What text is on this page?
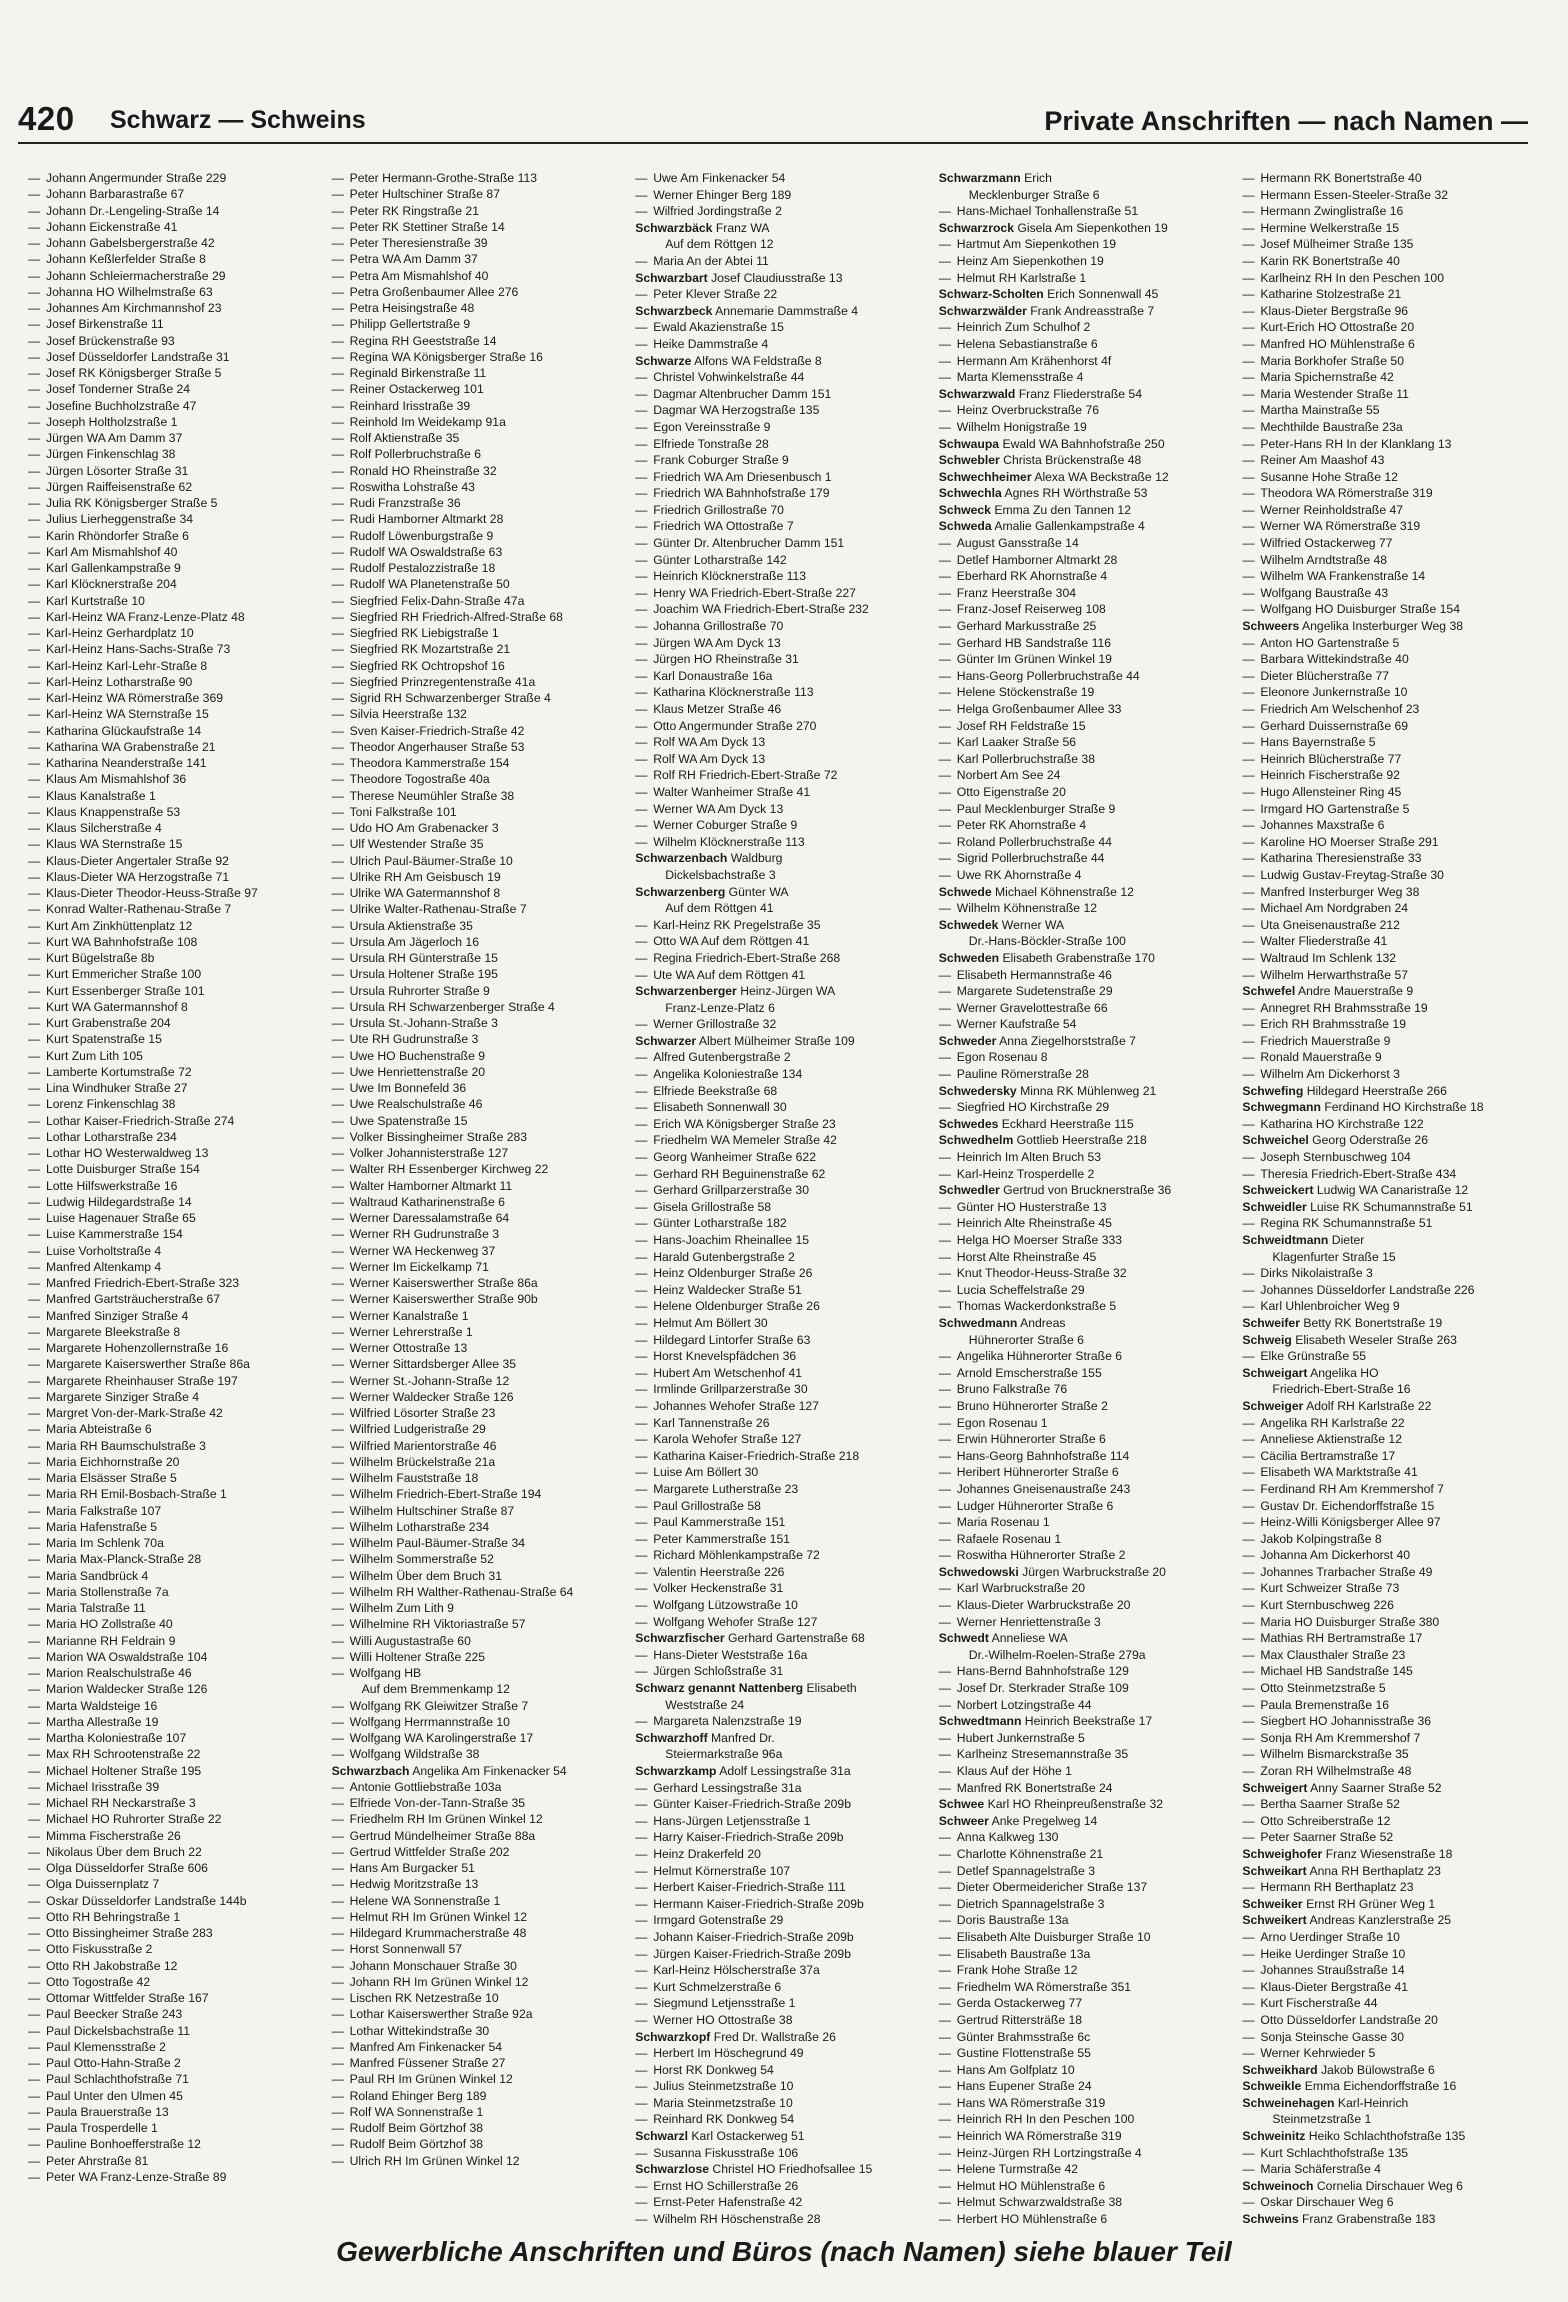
420 Schwarz — Schweins	Private Anschriften — nach Namen —
— Johann Angermunder Straße 229
— Johann Barbarastraße 67
— Johann Dr.-Lengeling-Straße 14
— Johann Eickenstraße 41
— Johann Gabelsbergerstraße 42
— Johann Keßlerfelder Straße 8
— Johann Schleiermacherstraße 29
— Johanna HO Wilhelmstraße 63
— Johannes Am Kirchmannshof 23
— Josef Birkenstraße 11
— Josef Brückenstraße 93
— Josef Düsseldorfer Landstraße 31
— Josef RK Königsberger Straße 5
— Josef Tonderner Straße 24
— Josefine Buchholzstraße 47
— Joseph Holtholzstraße 1
— Jürgen WA Am Damm 37
— Jürgen Finkenschlag 38
— Jürgen Lösorter Straße 31
— Jürgen Raiffeisenstraße 62
— Julia RK Königsberger Straße 5
— Julius Lierheggenstraße 34
— Karin Rhöndorfer Straße 6
— Karl Am Mismahlshof 40
— Karl Gallenkampstraße 9
— Karl Klöcknerstraße 204
— Karl Kurtstraße 10
— Karl-Heinz WA Franz-Lenze-Platz 48
— Karl-Heinz Gerhardplatz 10
— Karl-Heinz Hans-Sachs-Straße 73
— Karl-Heinz Karl-Lehr-Straße 8
— Karl-Heinz Lotharstraße 90
— Karl-Heinz WA Römerstraße 369
— Karl-Heinz WA Sternstraße 15
— Katharina Glückaufstraße 14
— Katharina WA Grabenstraße 21
— Katharina Neanderstraße 141
— Klaus Am Mismahlshof 36
— Klaus Kanalstraße 1
— Klaus Knappenstraße 53
— Klaus Silcherstraße 4
— Klaus WA Sternstraße 15
— Klaus-Dieter Angertaler Straße 92
— Klaus-Dieter WA Herzogstraße 71
— Klaus-Dieter Theodor-Heuss-Straße 97
— Konrad Walter-Rathenau-Straße 7
— Kurt Am Zinkhüttenplatz 12
— Kurt WA Bahnhofstraße 108
— Kurt Bügelstraße 8b
— Kurt Emmericher Straße 100
— Kurt Essenberger Straße 101
— Kurt WA Gatermannshof 8
— Kurt Grabenstraße 204
— Kurt Spatenstraße 15
— Kurt Zum Lith 105
— Lamberte Kortumstraße 72
— Lina Windhuker Straße 27
— Lorenz Finkenschlag 38
— Lothar Kaiser-Friedrich-Straße 274
— Lothar Lotharstraße 234
— Lothar HO Westerwaldweg 13
— Lotte Duisburger Straße 154
— Lotte Hilfswerkstraße 16
— Ludwig Hildegardstraße 14
— Luise Hagenauer Straße 65
— Luise Kammerstraße 154
— Luise Vorholtstraße 4
— Manfred Altenkamp 4
— Manfred Friedrich-Ebert-Straße 323
— Manfred Gartsträucherstraße 67
— Manfred Sinziger Straße 4
— Margarete Bleekstraße 8
— Margarete Hohenzollernstraße 16
— Margarete Kaiserswerther Straße 86a
— Margarete Rheinhauser Straße 197
— Margarete Sinziger Straße 4
— Margret Von-der-Mark-Straße 42
— Maria Abteistraße 6
— Maria RH Baumschulstraße 3
— Maria Eichhornstraße 20
— Maria Elsässer Straße 5
— Maria RH Emil-Bosbach-Straße 1
— Maria Falkstraße 107
— Maria Hafenstraße 5
— Maria Im Schlenk 70a
— Maria Max-Planck-Straße 28
— Maria Sandbrück 4
— Maria Stollenstraße 7a
— Maria Talstraße 11
— Maria HO Zollstraße 40
— Marianne RH Feldrain 9
— Marion WA Oswaldstraße 104
— Marion Realschulstraße 46
— Marion Waldecker Straße 126
— Marta Waldsteige 16
— Martha Allestraße 19
— Martha Koloniestraße 107
— Max RH Schrootenstraße 22
— Michael Holtener Straße 195
— Michael Irisstraße 39
— Michael RH Neckarstraße 3
— Michael HO Ruhrorter Straße 22
— Mimma Fischerstraße 26
— Nikolaus Über dem Bruch 22
— Olga Düsseldorfer Straße 606
— Olga Duissernplatz 7
— Oskar Düsseldorfer Landstraße 144b
— Otto RH Behringstraße 1
— Otto Bissingheimer Straße 283
— Otto Fiskusstraße 2
— Otto RH Jakobstraße 12
— Otto Togostraße 42
— Ottomar Wittfelder Straße 167
— Paul Beecker Straße 243
— Paul Dickelsbachstraße 11
— Paul Klemensstraße 2
— Paul Otto-Hahn-Straße 2
— Paul Schlachthofstraße 71
— Paul Unter den Ulmen 45
— Paula Brauerstraße 13
— Paula Trosperdelle 1
— Pauline Bonhoefferstraße 12
— Peter Ahrstraße 81
— Peter WA Franz-Lenze-Straße 89
— Peter Hermann-Grothe-Straße 113
— Peter Hultschiner Straße 87
— Peter RK Ringstraße 21
— Peter RK Stettiner Straße 14
— Peter Theresienstraße 39
— Petra WA Am Damm 37
— Petra Am Mismahlshof 40
— Petra Großenbaumer Allee 276
— Petra Heisingstraße 48
— Philipp Gellertstraße 9
— Regina RH Geeststraße 14
— Regina WA Königsberger Straße 16
— Reginald Birkenstraße 11
— Reiner Ostackerweg 101
— Reinhard Irisstraße 39
— Reinhold Im Weidekamp 91a
— Rolf Aktienstraße 35
— Rolf Pollerbruchstraße 6
— Ronald HO Rheinstraße 32
— Roswitha Lohstraße 43
— Rudi Franzstraße 36
— Rudi Hamborner Altmarkt 28
— Rudolf Löwenburgstraße 9
— Rudolf WA Oswaldstraße 63
— Rudolf Pestalozzistraße 18
— Rudolf WA Planetenstraße 50
— Siegfried Felix-Dahn-Straße 47a
— Siegfried RH Friedrich-Alfred-Straße 68
— Siegfried RK Liebigstraße 1
— Siegfried RK Mozartstraße 21
— Siegfried RK Ochtropshof 16
— Siegfried Prinzregentenstraße 41a
— Sigrid RH Schwarzenberger Straße 4
— Silvia Heerstraße 132
— Sven Kaiser-Friedrich-Straße 42
— Theodor Angerhauser Straße 53
— Theodora Kammerstraße 154
— Theodore Togostraße 40a
— Therese Neumühler Straße 38
— Toni Falkstraße 101
— Udo HO Am Grabenacker 3
— Ulf Westender Straße 35
— Ulrich Paul-Bäumer-Straße 10
— Ulrike RH Am Geisbusch 19
— Ulrike WA Gatermannshof 8
— Ulrike Walter-Rathenau-Straße 7
— Ursula Aktienstraße 35
— Ursula Am Jägerloch 16
— Ursula RH Günterstraße 15
— Ursula Holtener Straße 195
— Ursula Ruhrorter Straße 9
— Ursula RH Schwarzenberger Straße 4
— Ursula St.-Johann-Straße 3
— Ute RH Gudrunstraße 3
— Uwe HO Buchenstraße 9
— Uwe Henriettenstraße 20
— Uwe Im Bonnefeld 36
— Uwe Realschulstraße 46
— Uwe Spatenstraße 15
— Volker Bissingheimer Straße 283
— Volker Johannisterstraße 127
— Walter RH Essenberger Kirchweg 22
— Walter Hamborner Altmarkt 11
— Waltraud Katharinenstraße 6
— Werner Daressalamstraße 64
— Werner RH Gudrunstraße 3
— Werner WA Heckenweg 37
— Werner Im Eickelkamp 71
— Werner Kaiserswerther Straße 86a
— Werner Kaiserswerther Straße 90b
— Werner Kanalstraße 1
— Werner Lehrerstraße 1
— Werner Ottostraße 13
— Werner Sittardsberger Allee 35
— Werner St.-Johann-Straße 12
— Werner Waldecker Straße 126
— Wilfried Lösorter Straße 23
— Wilfried Ludgeristraße 29
— Wilfried Marientorstraße 46
— Wilhelm Brückelstraße 21a
— Wilhelm Fauststraße 18
— Wilhelm Friedrich-Ebert-Straße 194
— Wilhelm Hultschiner Straße 87
— Wilhelm Lotharstraße 234
— Wilhelm Paul-Bäumer-Straße 34
— Wilhelm Sommerstraße 52
— Wilhelm Über dem Bruch 31
— Wilhelm RH Walther-Rathenau-Straße 64
— Wilhelm Zum Lith 9
— Wilhelmine RH Viktoriastraße 57
— Willi Augustastraße 60
— Willi Holtener Straße 225
— Wolfgang HB
Auf dem Bremmenkamp 12
— Wolfgang RK Gleiwitzer Straße 7
— Wolfgang Herrmannstraße 10
— Wolfgang WA Karolingerstraße 17
— Wolfgang Wildstraße 38
Schwarzbach Angelika Am Finkenacker 54
— Antonie Gottliebstraße 103a
— Elfriede Von-der-Tann-Straße 35
— Friedhelm RH Im Grünen Winkel 12
— Gertrud Mündelheimer Straße 88a
— Gertrud Wittfelder Straße 202
— Hans Am Burgacker 51
— Hedwig Moritzstraße 13
— Helene WA Sonnenstraße 1
— Helmut RH Im Grünen Winkel 12
— Hildegard Krummacherstraße 48
— Horst Sonnenwall 57
— Johann Monschauer Straße 30
— Johann RH Im Grünen Winkel 12
— Lischen RK Netzestraße 10
— Lothar Kaiserswerther Straße 92a
— Lothar Wittekindstraße 30
— Manfred Am Finkenacker 54
— Manfred Füssener Straße 27
— Paul RH Im Grünen Winkel 12
— Roland Ehinger Berg 189
— Rolf WA Sonnenstraße 1
— Rudolf Beim Görtzhof 38
— Rudolf Beim Görtzhof 38
— Ulrich RH Im Grünen Winkel 12
— Uwe Am Finkenacker 54
— Werner Ehinger Berg 189
— Wilfried Jordingstraße 2
Schwarzbäck Franz WA
Auf dem Röttgen 12
— Maria An der Abtei 11
Schwarzbart Josef Claudiusstraße 13
— Peter Klever Straße 22
Schwarzbeck Annemarie Dammstraße 4
— Ewald Akazienstraße 15
— Heike Dammstraße 4
Schwarze Alfons WA Feldstraße 8
— Christel Vohwinkelstraße 44
— Dagmar Altenbrucher Damm 151
— Dagmar WA Herzogstraße 135
— Egon Vereinsstraße 9
— Elfriede Tonstraße 28
— Frank Coburger Straße 9
— Friedrich WA Am Driesenbusch 1
— Friedrich WA Bahnhofstraße 179
— Friedrich Grillostraße 70
— Friedrich WA Ottostraße 7
— Günter Dr. Altenbrucher Damm 151
— Günter Lotharstraße 142
— Heinrich Klöcknerstraße 113
— Henry WA Friedrich-Ebert-Straße 227
— Joachim WA Friedrich-Ebert-Straße 232
— Johanna Grillostraße 70
— Jürgen WA Am Dyck 13
— Jürgen HO Rheinstraße 31
— Karl Donaustraße 16a
— Katharina Klöcknerstraße 113
— Klaus Metzer Straße 46
— Otto Angermunder Straße 270
— Rolf WA Am Dyck 13
— Rolf WA Am Dyck 13
— Rolf RH Friedrich-Ebert-Straße 72
— Walter Wanheimer Straße 41
— Werner WA Am Dyck 13
— Werner Coburger Straße 9
— Wilhelm Klöcknerstraße 113
Schwarzenbach Waldburg
Dickelsbachstraße 3
Schwarzenberg Günter WA
Auf dem Röttgen 41
— Karl-Heinz RK Pregelstraße 35
— Otto WA Auf dem Röttgen 41
— Regina Friedrich-Ebert-Straße 268
— Ute WA Auf dem Röttgen 41
Schwarzenberger Heinz-Jürgen WA
Franz-Lenze-Platz 6
— Werner Grillostraße 32
Schwarzer Albert Mülheimer Straße 109
— Alfred Gutenbergstraße 2
— Angelika Koloniestraße 134
— Elfriede Beekstraße 68
— Elisabeth Sonnenwall 30
— Erich WA Königsberger Straße 23
— Friedhelm WA Memeler Straße 42
— Georg Wanheimer Straße 622
— Gerhard RH Beguinenstraße 62
— Gerhard Grillparzerstraße 30
— Gisela Grillostraße 58
— Günter Lotharstraße 182
— Hans-Joachim Rheinallee 15
— Harald Gutenbergstraße 2
— Heinz Oldenburger Straße 26
— Heinz Waldecker Straße 51
— Helene Oldenburger Straße 26
— Helmut Am Böllert 30
— Hildegard Lintorfer Straße 63
— Horst Knevelspfädchen 36
— Hubert Am Wetschenhof 41
— Irmlinde Grillparzerstraße 30
— Johannes Wehofer Straße 127
— Karl Tannenstraße 26
— Karola Wehofer Straße 127
— Katharina Kaiser-Friedrich-Straße 218
— Luise Am Böllert 30
— Margarete Lutherstraße 23
— Paul Grillostraße 58
— Paul Kammerstraße 151
— Peter Kammerstraße 151
— Richard Möhlenkampstraße 72
— Valentin Heerstraße 226
— Volker Heckenstraße 31
— Wolfgang Lützowstraße 10
— Wolfgang Wehofer Straße 127
Schwarzfischer Gerhard Gartenstraße 68
— Hans-Dieter Weststraße 16a
— Jürgen Schloßstraße 31
Schwarz genannt Nattenberg Elisabeth
Weststraße 24
— Margareta Nalenzstraße 19
Schwarzhoff Manfred Dr.
Steiermarkstraße 96a
Schwarzkamp Adolf Lessingstraße 31a
— Gerhard Lessingstraße 31a
— Günter Kaiser-Friedrich-Straße 209b
— Hans-Jürgen Letjensstraße 1
— Harry Kaiser-Friedrich-Straße 209b
— Heinz Drakerfeld 20
— Helmut Körnerstraße 107
— Herbert Kaiser-Friedrich-Straße 111
— Hermann Kaiser-Friedrich-Straße 209b
— Irmgard Gotenstraße 29
— Johann Kaiser-Friedrich-Straße 209b
— Jürgen Kaiser-Friedrich-Straße 209b
— Karl-Heinz Hölscherstraße 37a
— Kurt Schmelzerstraße 6
— Siegmund Letjensstraße 1
— Werner HO Ottostraße 38
Schwarzkopf Fred Dr. Wallstraße 26
— Herbert Im Höschegrund 49
— Horst RK Donkweg 54
— Julius Steinmetzstraße 10
— Maria Steinmetzstraße 10
— Reinhard RK Donkweg 54
Schwarzl Karl Ostackerweg 51
— Susanna Fiskusstraße 106
Schwarzlose Christel HO Friedhofsallee 15
— Ernst HO Schillerstraße 26
— Ernst-Peter Hafenstraße 42
— Wilhelm RH Höschenstraße 28
Schwarzmann Erich
Mecklenburger Straße 6
— Hans-Michael Tonhallenstraße 51
Schwarzrock Gisela Am Siepenkothen 19
— Hartmut Am Siepenkothen 19
— Heinz Am Siepenkothen 19
— Helmut RH Karlstraße 1
Schwarz-Scholten Erich Sonnenwall 45
Schwarzwälder Frank Andreasstraße 7
— Heinrich Zum Schulhof 2
— Helena Sebastianstraße 6
— Hermann Am Krähenhorst 4f
— Marta Klemensstraße 4
Schwarzwald Franz Fliederstraße 54
— Heinz Overbruckstraße 76
— Wilhelm Honigstraße 19
Schwaupa Ewald WA Bahnhofstraße 250
Schwebler Christa Brückenstraße 48
Schwechheimer Alexa WA Beckstraße 12
Schwechla Agnes RH Wörthstraße 53
Schweck Emma Zu den Tannen 12
Schweda Amalie Gallenkampstraße 4
— August Gansstraße 14
— Detlef Hamborner Altmarkt 28
— Eberhard RK Ahornstraße 4
— Franz Heerstraße 304
— Franz-Josef Reiserweg 108
— Gerhard Markusstraße 25
— Gerhard HB Sandstraße 116
— Günter Im Grünen Winkel 19
— Hans-Georg Pollerbruchstraße 44
— Helene Stöckenstraße 19
— Helga Großenbaumer Allee 33
— Josef RH Feldstraße 15
— Karl Laaker Straße 56
— Karl Pollerbruchstraße 38
— Norbert Am See 24
— Otto Eigenstraße 20
— Paul Mecklenburger Straße 9
— Peter RK Ahornstraße 4
— Roland Pollerbruchstraße 44
— Sigrid Pollerbruchstraße 44
— Uwe RK Ahornstraße 4
Schwede Michael Köhnenstraße 12
— Wilhelm Köhnenstraße 12
Schwedek Werner WA
Dr.-Hans-Böckler-Straße 100
Schweden Elisabeth Grabenstraße 170
— Elisabeth Hermannstraße 46
— Margarete Sudetenstraße 29
— Werner Gravelottestraße 66
— Werner Kaufstraße 54
Schweder Anna Ziegelhorststraße 7
— Egon Rosenau 8
— Pauline Römerstraße 28
Schwedersky Minna RK Mühlenweg 21
— Siegfried HO Kirchstraße 29
Schwedes Eckhard Heerstraße 115
Schwedhelm Gottlieb Heerstraße 218
— Heinrich Im Alten Bruch 53
— Karl-Heinz Trosperdelle 2
Schwedler Gertrud von Brucknerstraße 36
— Günter HO Husterstraße 13
— Heinrich Alte Rheinstraße 45
— Helga HO Moerser Straße 333
— Horst Alte Rheinstraße 45
— Knut Theodor-Heuss-Straße 32
— Lucia Scheffelstraße 29
— Thomas Wackerdonkstraße 5
Schwedmann Andreas
Hühnerorter Straße 6
— Angelika Hühnerorter Straße 6
— Arnold Emscherstraße 155
— Bruno Falkstraße 76
— Bruno Hühnerorter Straße 2
— Egon Rosenau 1
— Erwin Hühnerorter Straße 6
— Hans-Georg Bahnhofstraße 114
— Heribert Hühnerorter Straße 6
— Johannes Gneisenaustraße 243
— Ludger Hühnerorter Straße 6
— Maria Rosenau 1
— Rafaele Rosenau 1
— Roswitha Hühnerorter Straße 2
Schwedowski Jürgen Warbruckstraße 20
— Karl Warbruckstraße 20
— Klaus-Dieter Warbruckstraße 20
— Werner Henriettenstraße 3
Schwedt Anneliese WA
Dr.-Wilhelm-Roelen-Straße 279a
— Hans-Bernd Bahnhofstraße 129
— Josef Dr. Sterkrader Straße 109
— Norbert Lotzingstraße 44
Schwedtmann Heinrich Beekstraße 17
— Hubert Junkernstraße 5
— Karlheinz Stresemannstraße 35
— Klaus Auf der Höhe 1
— Manfred RK Bonertstraße 24
Schwee Karl HO Rheinpreußenstraße 32
Schweer Anke Pregelweg 14
— Anna Kalkweg 130
— Charlotte Köhnenstraße 21
— Detlef Spannagelstraße 3
— Dieter Obermeidericher Straße 137
— Dietrich Spannagelstraße 3
— Doris Baustraße 13a
— Elisabeth Alte Duisburger Straße 10
— Elisabeth Baustraße 13a
— Frank Hohe Straße 12
— Friedhelm WA Römerstraße 351
— Gerda Ostackerweg 77
— Gertrud Rittersträße 18
— Günter Brahmsstraße 6c
— Gustine Flottenstraße 55
— Hans Am Golfplatz 10
— Hans Eupener Straße 24
— Hans WA Römerstraße 319
— Heinrich RH In den Peschen 100
— Heinrich WA Römerstraße 319
— Heinz-Jürgen RH Lortzingstraße 4
— Helene Turmstraße 42
— Helmut HO Mühlenstraße 6
— Helmut Schwarzwaldstraße 38
— Herbert HO Mühlenstraße 6
— Hermann RK Bonertstraße 40
— Hermann Essen-Steeler-Straße 32
— Hermann Zwinglistraße 16
— Hermine Welkerstraße 15
— Josef Mülheimer Straße 135
— Karin RK Bonertstraße 40
— Karlheinz RH In den Peschen 100
— Katharine Stolzestraße 21
— Klaus-Dieter Bergstraße 96
— Kurt-Erich HO Ottostraße 20
— Manfred HO Mühlenstraße 6
— Maria Borkhofer Straße 50
— Maria Spichernstraße 42
— Maria Westender Straße 11
— Martha Mainstraße 55
— Mechthilde Baustraße 23a
— Peter-Hans RH In der Klanklang 13
— Reiner Am Maashof 43
— Susanne Hohe Straße 12
— Theodora WA Römerstraße 319
— Werner Reinholdstraße 47
— Werner WA Römerstraße 319
— Wilfried Ostackerweg 77
— Wilhelm Arndtstraße 48
— Wilhelm WA Frankenstraße 14
— Wolfgang Baustraße 43
— Wolfgang HO Duisburger Straße 154
Schweers Angelika Insterburger Weg 38
— Anton HO Gartenstraße 5
— Barbara Wittekindstraße 40
— Dieter Blücherstraße 77
— Eleonore Junkernstraße 10
— Friedrich Am Welschenhof 23
— Gerhard Duissernstraße 69
— Hans Bayernstraße 5
— Heinrich Blücherstraße 77
— Heinrich Fischerstraße 92
— Hugo Allensteiner Ring 45
— Irmgard HO Gartenstraße 5
— Johannes Maxstraße 6
— Karoline HO Moerser Straße 291
— Katharina Theresienstraße 33
— Ludwig Gustav-Freytag-Straße 30
— Manfred Insterburger Weg 38
— Michael Am Nordgraben 24
— Uta Gneisenaustraße 212
— Walter Fliederstraße 41
— Waltraud Im Schlenk 132
— Wilhelm Herwarthstraße 57
Schwefel Andre Mauerstraße 9
— Annegret RH Brahmsstraße 19
— Erich RH Brahmsstraße 19
— Friedrich Mauerstraße 9
— Ronald Mauerstraße 9
— Wilhelm Am Dickerhorst 3
Schwefing Hildegard Heerstraße 266
Schwegmann Ferdinand HO Kirchstraße 18
— Katharina HO Kirchstraße 122
Schweichel Georg Oderstraße 26
— Joseph Sternbuschweg 104
— Theresia Friedrich-Ebert-Straße 434
Schweickert Ludwig WA Canaristraße 12
Schweidler Luise RK Schumannstraße 51
— Regina RK Schumannstraße 51
Schweidtmann Dieter
Klagenfurter Straße 15
— Dirks Nikolaistraße 3
— Johannes Düsseldorfer Landstraße 226
— Karl Uhlenbroicher Weg 9
Schweifer Betty RK Bonertstraße 19
Schweig Elisabeth Weseler Straße 263
— Elke Grünstraße 55
Schweigart Angelika HO
Friedrich-Ebert-Straße 16
Schweiger Adolf RH Karlstraße 22
— Angelika RH Karlstraße 22
— Anneliese Aktienstraße 12
— Cäcilia Bertramstraße 17
— Elisabeth WA Marktstraße 41
— Ferdinand RH Am Kremmershof 7
— Gustav Dr. Eichendorffstraße 15
— Heinz-Willi Königsberger Allee 97
— Jakob Kolpingstraße 8
— Johanna Am Dickerhorst 40
— Johannes Trarbacher Straße 49
— Kurt Schweizer Straße 73
— Kurt Sternbuschweg 226
— Maria HO Duisburger Straße 380
— Mathias RH Bertramstraße 17
— Max Clausthaler Straße 23
— Michael HB Sandstraße 145
— Otto Steinmetzstraße 5
— Paula Bremenstraße 16
— Siegbert HO Johannisstraße 36
— Sonja RH Am Kremmershof 7
— Wilhelm Bismarckstraße 35
— Zoran RH Wilhelmstraße 48
Schweigert Anny Saarner Straße 52
— Bertha Saarner Straße 52
— Otto Schreiberstraße 12
— Peter Saarner Straße 52
Schweighofer Franz Wiesenstraße 18
Schweikart Anna RH Berthaplatz 23
— Hermann RH Berthaplatz 23
Schweiker Ernst RH Grüner Weg 1
Schweikert Andreas Kanzlerstraße 25
— Arno Uerdinger Straße 10
— Heike Uerdinger Straße 10
— Johannes Straußstraße 14
— Klaus-Dieter Bergstraße 41
— Kurt Fischerstraße 44
— Otto Düsseldorfer Landstraße 20
— Sonja Steinsche Gasse 30
— Werner Kehrwieder 5
Schweikhard Jakob Bülowstraße 6
Schweikle Emma Eichendorffstraße 16
Schweinehagen Karl-Heinrich
Steinmetzstraße 1
Schweinitz Heiko Schlachthofstraße 135
— Kurt Schlachthofstraße 135
— Maria Schäferstraße 4
Schweinoch Cornelia Dirschauer Weg 6
— Oskar Dirschauer Weg 6
Schweins Franz Grabenstraße 183
Gewerbliche Anschriften und Büros (nach Namen) siehe blauer Teil
